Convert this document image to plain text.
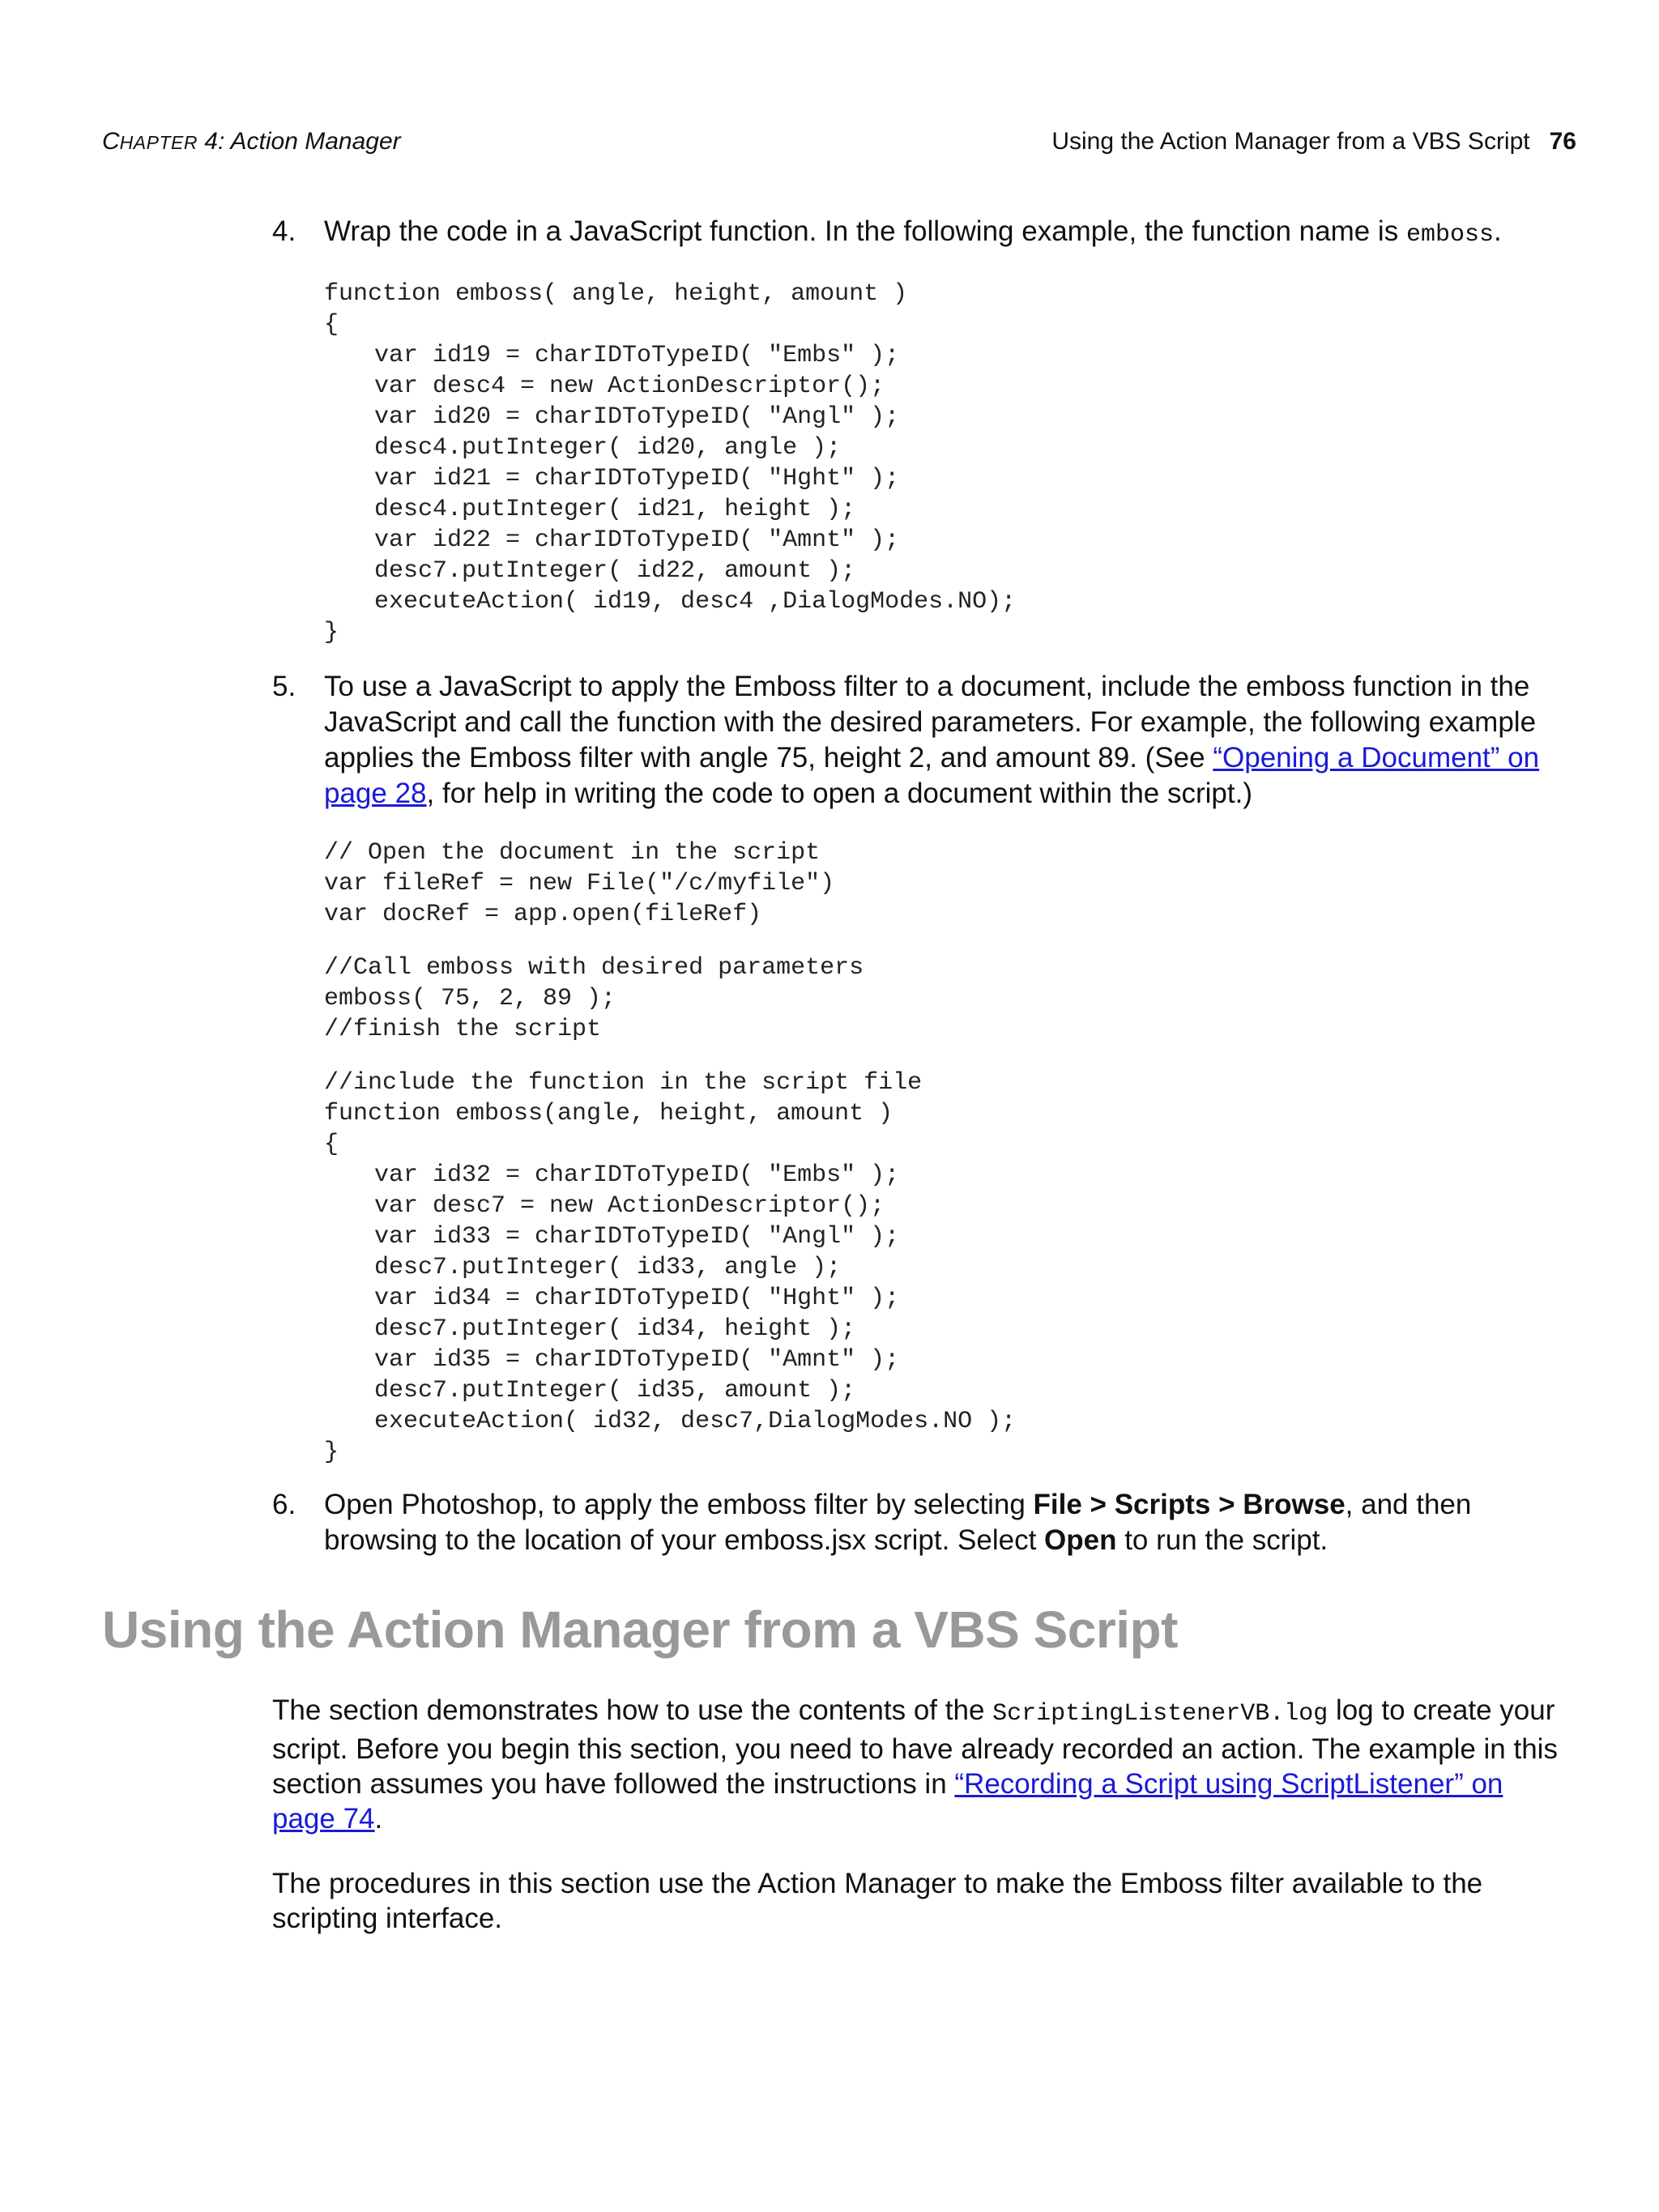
CHAPTER 4: Action Manager	Using the Action Manager from a VBS Script 76
4. Wrap the code in a JavaScript function. In the following example, the function name is emboss.
function emboss( angle, height, amount )
{
var id19 = charIDToTypeID( "Embs" );
var desc4 = new ActionDescriptor();
var id20 = charIDToTypeID( "Angl" );
desc4.putInteger( id20, angle );
var id21 = charIDToTypeID( "Hght" );
desc4.putInteger( id21, height );
var id22 = charIDToTypeID( "Amnt" );
desc7.putInteger( id22, amount );
executeAction( id19, desc4 ,DialogModes.NO);
}
5. To use a JavaScript to apply the Emboss filter to a document, include the emboss function in the JavaScript and call the function with the desired parameters. For example, the following example applies the Emboss filter with angle 75, height 2, and amount 89. (See “Opening a Document” on page 28, for help in writing the code to open a document within the script.)
// Open the document in the script
var fileRef = new File("/c/myfile")
var docRef = app.open(fileRef)
//Call emboss with desired parameters
emboss( 75, 2, 89 );
//finish the script
//include the function in the script file
function emboss(angle, height, amount )
{
var id32 = charIDToTypeID( "Embs" );
var desc7 = new ActionDescriptor();
var id33 = charIDToTypeID( "Angl" );
desc7.putInteger( id33, angle );
var id34 = charIDToTypeID( "Hght" );
desc7.putInteger( id34, height );
var id35 = charIDToTypeID( "Amnt" );
desc7.putInteger( id35, amount );
executeAction( id32, desc7,DialogModes.NO );
}
6. Open Photoshop, to apply the emboss filter by selecting File > Scripts > Browse, and then browsing to the location of your emboss.jsx script. Select Open to run the script.
Using the Action Manager from a VBS Script

The section demonstrates how to use the contents of the ScriptingListenerVB.log log to create your script. Before you begin this section, you need to have already recorded an action. The example in this section assumes you have followed the instructions in “Recording a Script using ScriptListener” on page 74.

The procedures in this section use the Action Manager to make the Emboss filter available to the scripting interface.
